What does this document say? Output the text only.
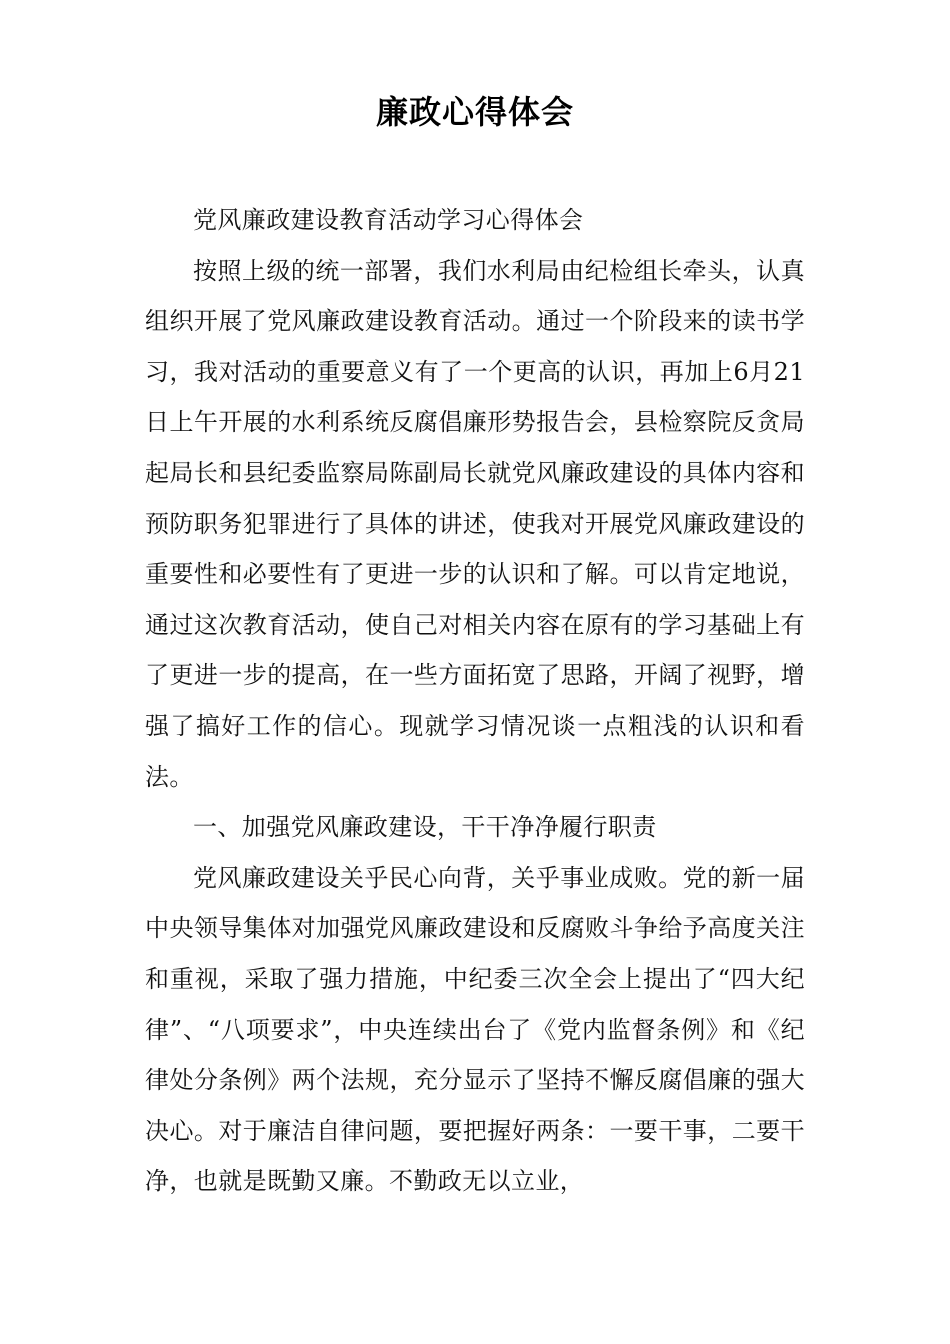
廉政心得体会

党风廉政建设教育活动学习心得体会

按照上级的统一部署，我们水利局由纪检组长牵头，认真组织开展了党风廉政建设教育活动。通过一个阶段来的读书学习，我对活动的重要意义有了一个更高的认识，再加上6月21日上午开展的水利系统反腐倡廉形势报告会，县检察院反贪局起局长和县纪委监察局陈副局长就党风廉政建设的具体内容和预防职务犯罪进行了具体的讲述，使我对开展党风廉政建设的重要性和必要性有了更进一步的认识和了解。可以肯定地说，通过这次教育活动，使自己对相关内容在原有的学习基础上有了更进一步的提高，在一些方面拓宽了思路，开阔了视野，增强了搞好工作的信心。现就学习情况谈一点粗浅的认识和看法。

一、加强党风廉政建设，干干净净履行职责

党风廉政建设关乎民心向背，关乎事业成败。党的新一届中央领导集体对加强党风廉政建设和反腐败斗争给予高度关注和重视，采取了强力措施，中纪委三次全会上提出了“四大纪律”、“八项要求”，中央连续出台了《党内监督条例》和《纪律处分条例》两个法规，充分显示了坚持不懈反腐倡廉的强大决心。对于廉洁自律问题，要把握好两条：一要干事，二要干净，也就是既勤又廉。不勤政无以立业，
